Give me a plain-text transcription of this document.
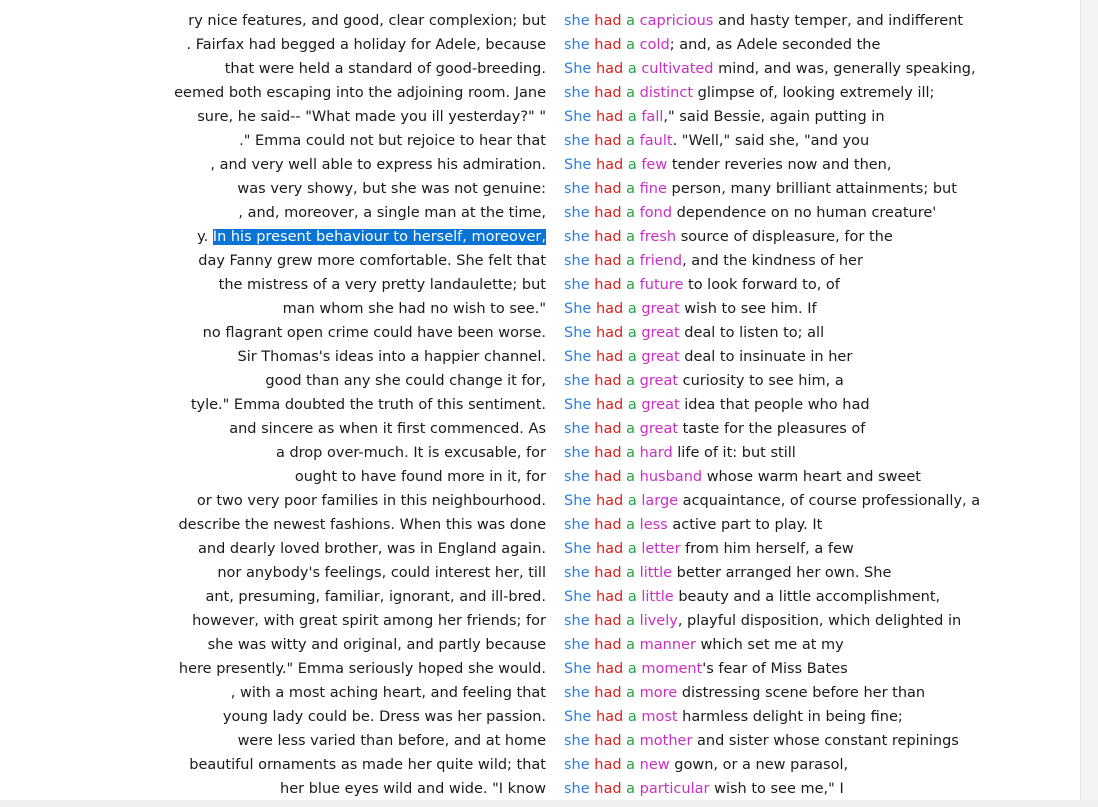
ry nice features, and good, clear complexion; but she had a capricious and hasty temper, and indifferent
. Fairfax had begged a holiday for Adele, because she had a cold; and, as Adele seconded the
that were held a standard of good-breeding. She had a cultivated mind, and was, generally speaking,
eemed both escaping into the adjoining room. Jane she had a distinct glimpse of, looking extremely ill;
sure, he said-- "What made you ill yesterday?" " She had a fall," said Bessie, again putting in
." Emma could not but rejoice to hear that she had a fault. "Well," said she, "and you
, and very well able to express his admiration. She had a few tender reveries now and then,
was very showy, but she was not genuine: she had a fine person, many brilliant attainments; but
, and, moreover, a single man at the time, she had a fond dependence on no human creature'
y. In his present behaviour to herself, moreover, she had a fresh source of displeasure, for the
day Fanny grew more comfortable. She felt that she had a friend, and the kindness of her
the mistress of a very pretty landaulette; but she had a future to look forward to, of
man whom she had no wish to see." She had a great wish to see him. If
no flagrant open crime could have been worse. She had a great deal to listen to; all
Sir Thomas's ideas into a happier channel. She had a great deal to insinuate in her
good than any she could change it for, she had a great curiosity to see him, a
tyle." Emma doubted the truth of this sentiment. She had a great idea that people who had
and sincere as when it first commenced. As she had a great taste for the pleasures of
a drop over-much. It is excusable, for she had a hard life of it: but still
ought to have found more in it, for she had a husband whose warm heart and sweet
or two very poor families in this neighbourhood. She had a large acquaintance, of course professionally, a
describe the newest fashions. When this was done she had a less active part to play. It
and dearly loved brother, was in England again. She had a letter from him herself, a few
nor anybody's feelings, could interest her, till she had a little better arranged her own. She
ant, presuming, familiar, ignorant, and ill-bred. She had a little beauty and a little accomplishment,
however, with great spirit among her friends; for she had a lively, playful disposition, which delighted in
she was witty and original, and partly because she had a manner which set me at my
here presently." Emma seriously hoped she would. She had a moment's fear of Miss Bates
, with a most aching heart, and feeling that she had a more distressing scene before her than
young lady could be. Dress was her passion. She had a most harmless delight in being fine;
were less varied than before, and at home she had a mother and sister whose constant repinings
beautiful ornaments as made her quite wild; that she had a new gown, or a new parasol,
her blue eyes wild and wide. "I know she had a particular wish to see me," I
